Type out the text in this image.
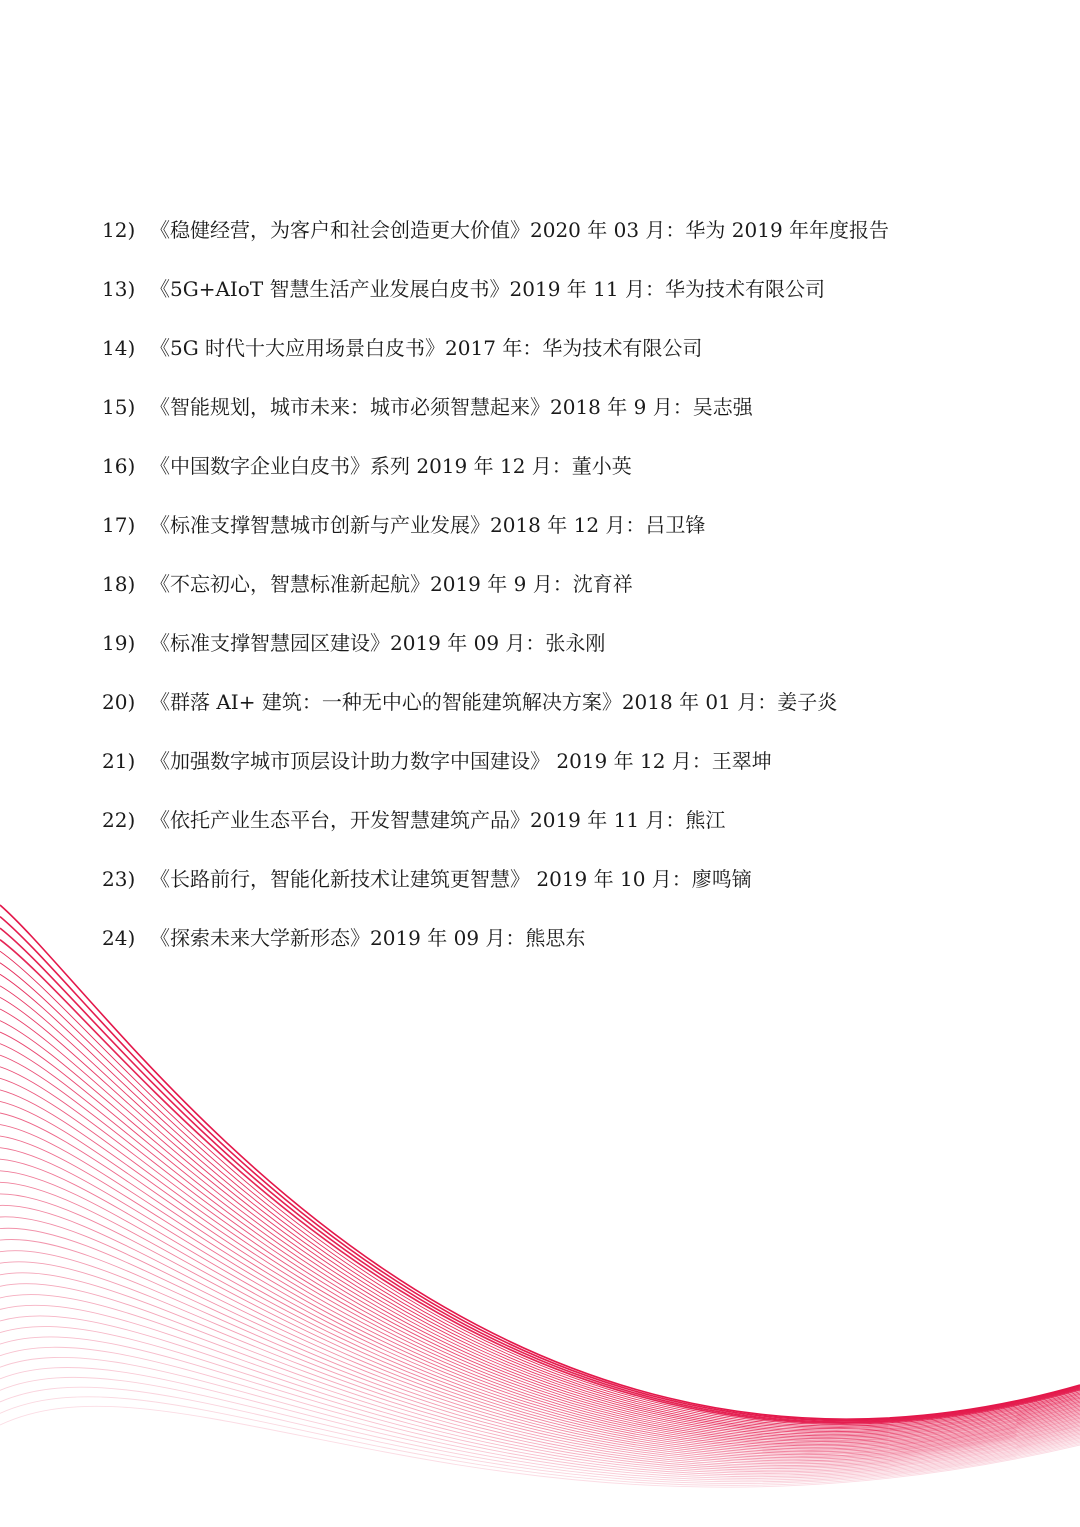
12) 《稳健经营，为客户和社会创造更大价值》2020 年 03 月：华为 2019 年年度报告
13) 《5G+AIoT 智慧生活产业发展白皮书》2019 年 11 月：华为技术有限公司
14) 《5G 时代十大应用场景白皮书》2017 年：华为技术有限公司
15) 《智能规划，城市未来：城市必须智慧起来》2018 年 9 月：吴志强
16) 《中国数字企业白皮书》系列 2019 年 12 月：董小英
17) 《标准支撑智慧城市创新与产业发展》2018 年 12 月：吕卫锋
18) 《不忘初心，智慧标准新起航》2019 年 9 月：沈育祥
19) 《标准支撑智慧园区建设》2019 年 09 月：张永刚
20) 《群落 AI+ 建筑：一种无中心的智能建筑解决方案》2018 年 01 月：姜子炎
21) 《加强数字城市顶层设计助力数字中国建设》 2019 年 12 月：王翠坤
22) 《依托产业生态平台，开发智慧建筑产品》2019 年 11 月：熊江
23) 《长路前行，智能化新技术让建筑更智慧》 2019 年 10 月：廖鸣镝
24) 《探索未来大学新形态》2019 年 09 月：熊思东
